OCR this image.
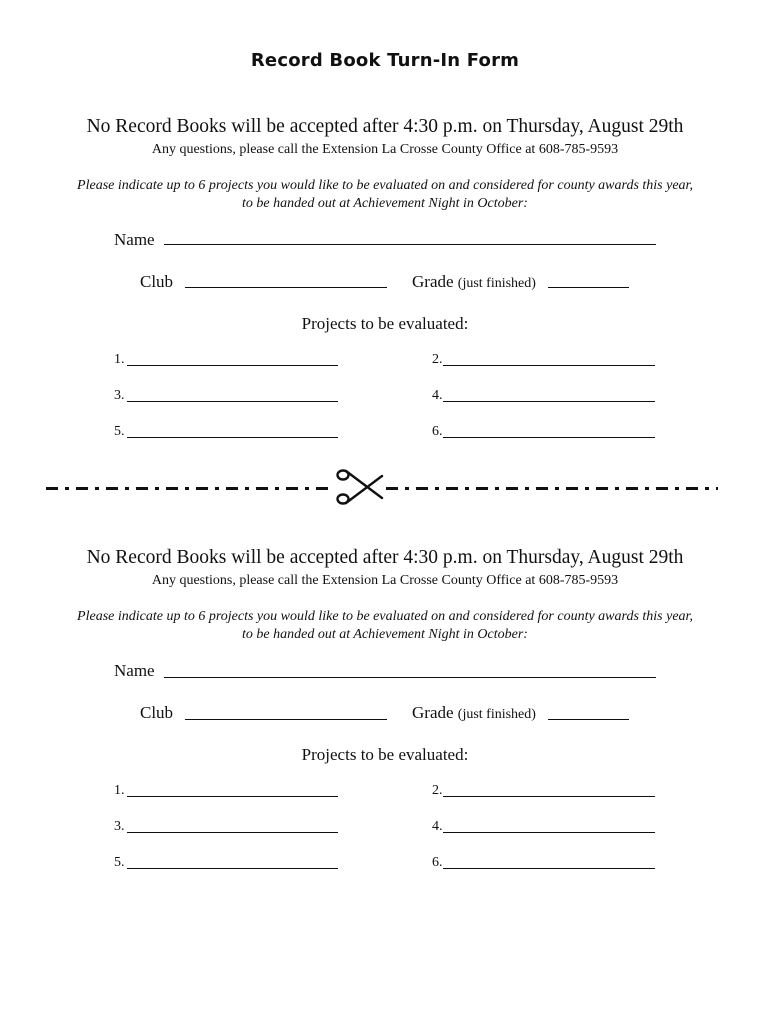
Record Book Turn-In Form
No Record Books will be accepted after 4:30 p.m. on Thursday, August 29th
Any questions, please call the Extension La Crosse County Office at 608-785-9593
Please indicate up to 6 projects you would like to be evaluated on and considered for county awards this year,
to be handed out at Achievement Night in October:
Name
Club	Grade (just finished)
Projects to be evaluated:
1.	2.
3.	4.
5.	6.
No Record Books will be accepted after 4:30 p.m. on Thursday, August 29th
Any questions, please call the Extension La Crosse County Office at 608-785-9593
Please indicate up to 6 projects you would like to be evaluated on and considered for county awards this year,
to be handed out at Achievement Night in October:
Name
Club	Grade (just finished)
Projects to be evaluated:
1.	2.
3.	4.
5.	6.
